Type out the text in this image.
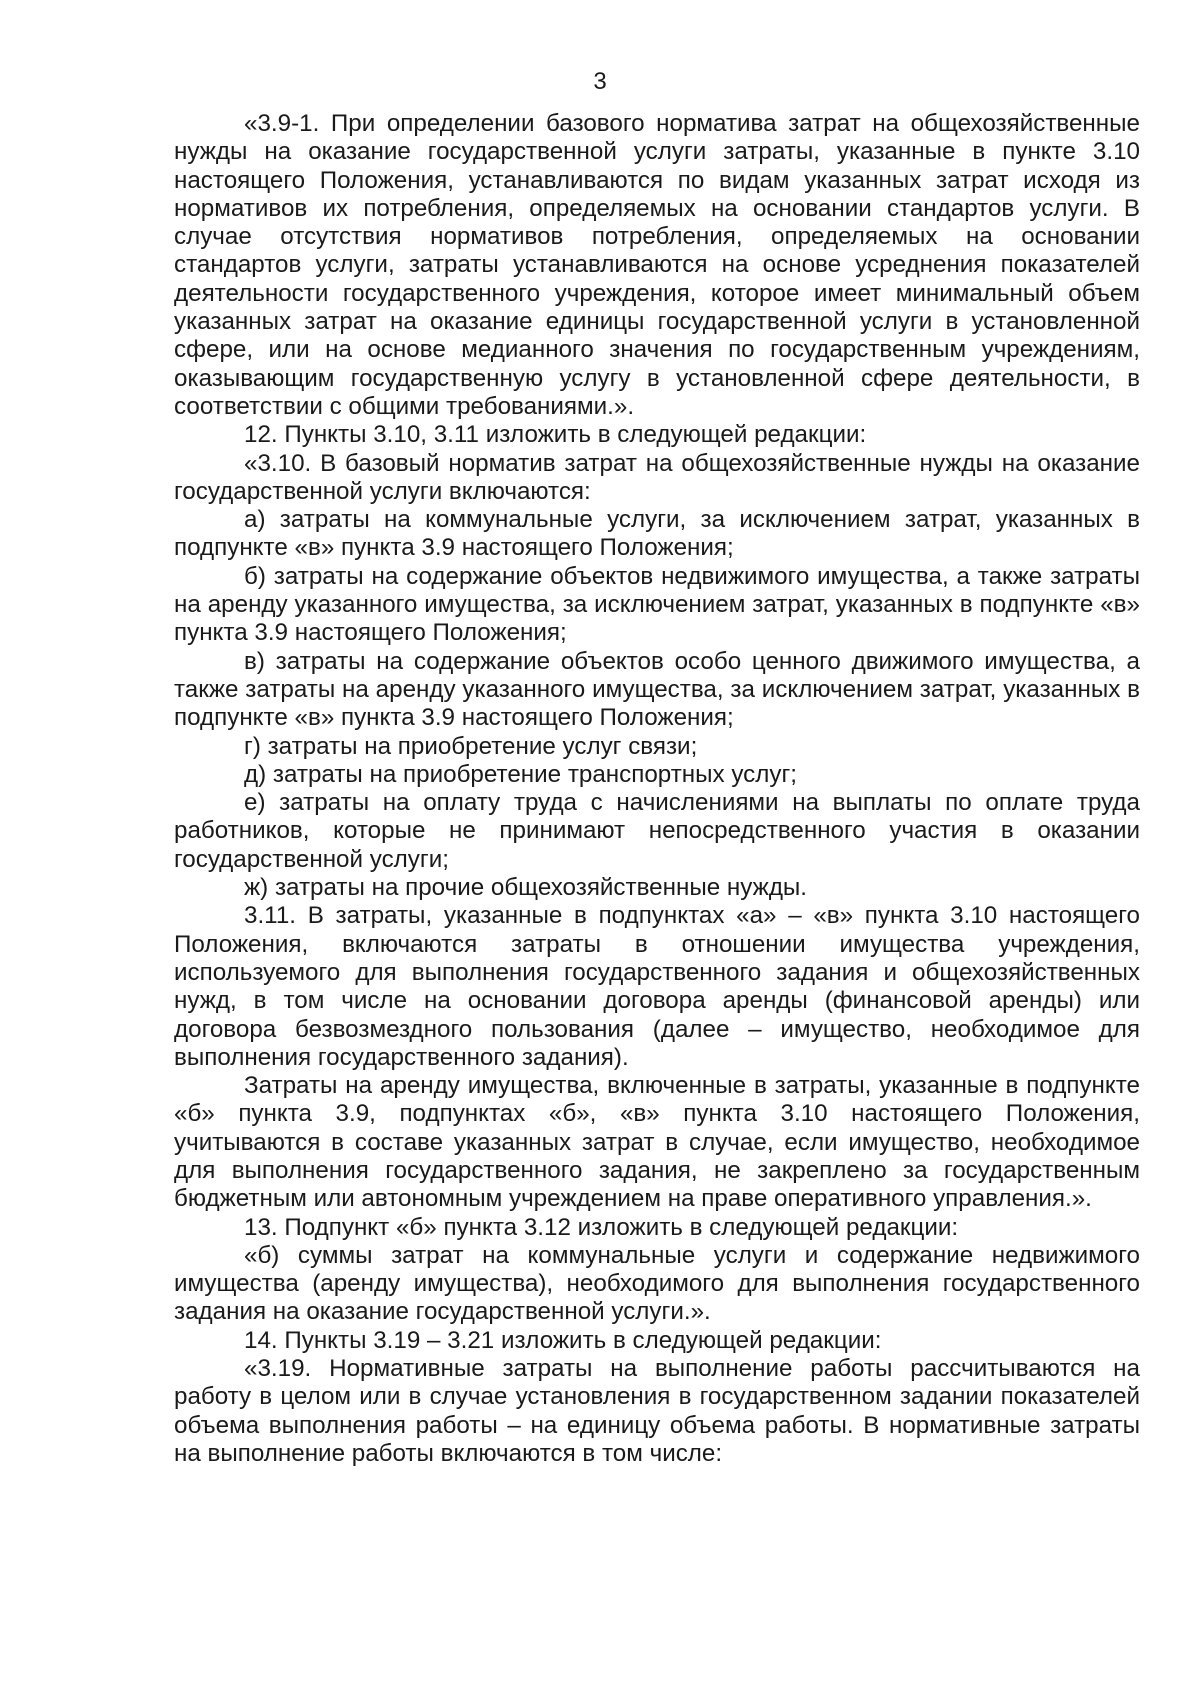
3

«3.9-1. При определении базового норматива затрат на общехозяйственные нужды на оказание государственной услуги затраты, указанные в пункте 3.10 настоящего Положения, устанавливаются по видам указанных затрат исходя из нормативов их потребления, определяемых на основании стандартов услуги. В случае отсутствия нормативов потребления, определяемых на основании стандартов услуги, затраты устанавливаются на основе усреднения показателей деятельности государственного учреждения, которое имеет минимальный объем указанных затрат на оказание единицы государственной услуги в установленной сфере, или на основе медианного значения по государственным учреждениям, оказывающим государственную услугу в установленной сфере деятельности, в соответствии с общими требованиями.».

12. Пункты 3.10, 3.11 изложить в следующей редакции:

«3.10. В базовый норматив затрат на общехозяйственные нужды на оказание государственной услуги включаются:

а) затраты на коммунальные услуги, за исключением затрат, указанных в подпункте «в» пункта 3.9 настоящего Положения;

б) затраты на содержание объектов недвижимого имущества, а также затраты на аренду указанного имущества, за исключением затрат, указанных в подпункте «в» пункта 3.9 настоящего Положения;

в) затраты на содержание объектов особо ценного движимого имущества, а также затраты на аренду указанного имущества, за исключением затрат, указанных в подпункте «в» пункта 3.9 настоящего Положения;

г) затраты на приобретение услуг связи;

д) затраты на приобретение транспортных услуг;

е) затраты на оплату труда с начислениями на выплаты по оплате труда работников, которые не принимают непосредственного участия в оказании государственной услуги;

ж) затраты на прочие общехозяйственные нужды.

3.11. В затраты, указанные в подпунктах «а» – «в» пункта 3.10 настоящего Положения, включаются затраты в отношении имущества учреждения, используемого для выполнения государственного задания и общехозяйственных нужд, в том числе на основании договора аренды (финансовой аренды) или договора безвозмездного пользования (далее – имущество, необходимое для выполнения государственного задания).

Затраты на аренду имущества, включенные в затраты, указанные в подпункте «б» пункта 3.9, подпунктах «б», «в» пункта 3.10 настоящего Положения, учитываются в составе указанных затрат в случае, если имущество, необходимое для выполнения государственного задания, не закреплено за государственным бюджетным или автономным учреждением на праве оперативного управления.».

13. Подпункт «б» пункта 3.12 изложить в следующей редакции:

«б) суммы затрат на коммунальные услуги и содержание недвижимого имущества (аренду имущества), необходимого для выполнения государственного задания на оказание государственной услуги.».

14. Пункты 3.19 – 3.21 изложить в следующей редакции:

«3.19. Нормативные затраты на выполнение работы рассчитываются на работу в целом или в случае установления в государственном задании показателей объема выполнения работы – на единицу объема работы. В нормативные затраты на выполнение работы включаются в том числе:
